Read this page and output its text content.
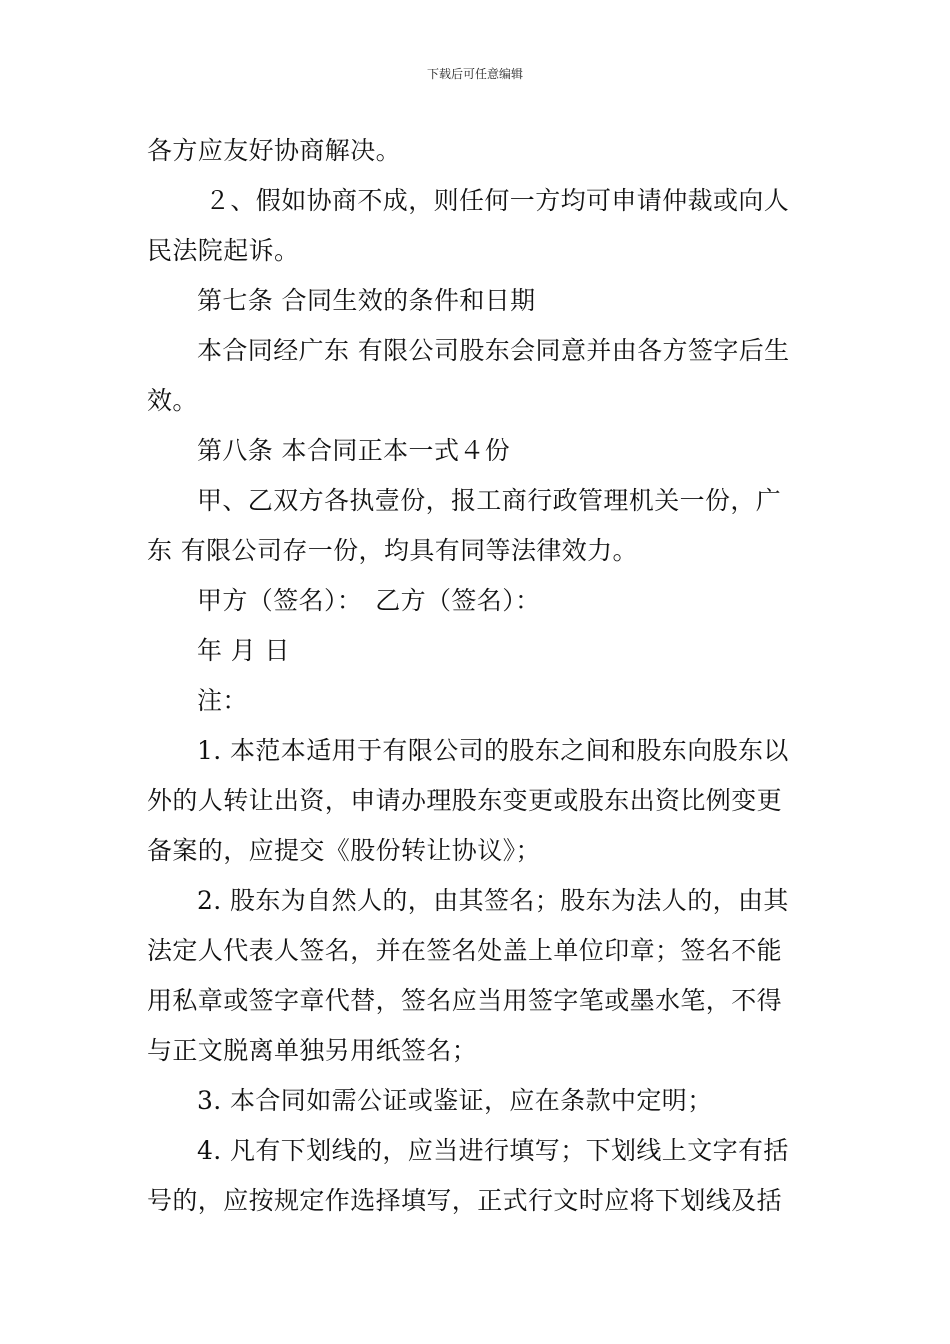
下载后可任意编辑
各方应友好协商解决。
２、假如协商不成，则任何一方均可申请仲裁或向人
民法院起诉。
第七条 合同生效的条件和日期
本合同经广东 有限公司股东会同意并由各方签字后生
效。
第八条 本合同正本一式４份
甲、乙双方各执壹份，报工商行政管理机关一份，广
东 有限公司存一份，均具有同等法律效力。
甲方（签名）：　乙方（签名）：
年 月 日
注：
1. 本范本适用于有限公司的股东之间和股东向股东以
外的人转让出资，申请办理股东变更或股东出资比例变更
备案的，应提交《股份转让协议》；
2. 股东为自然人的，由其签名；股东为法人的，由其
法定人代表人签名，并在签名处盖上单位印章；签名不能
用私章或签字章代替，签名应当用签字笔或墨水笔，不得
与正文脱离单独另用纸签名；
3. 本合同如需公证或鉴证，应在条款中定明；
4. 凡有下划线的，应当进行填写；下划线上文字有括
号的，应按规定作选择填写，正式行文时应将下划线及括
